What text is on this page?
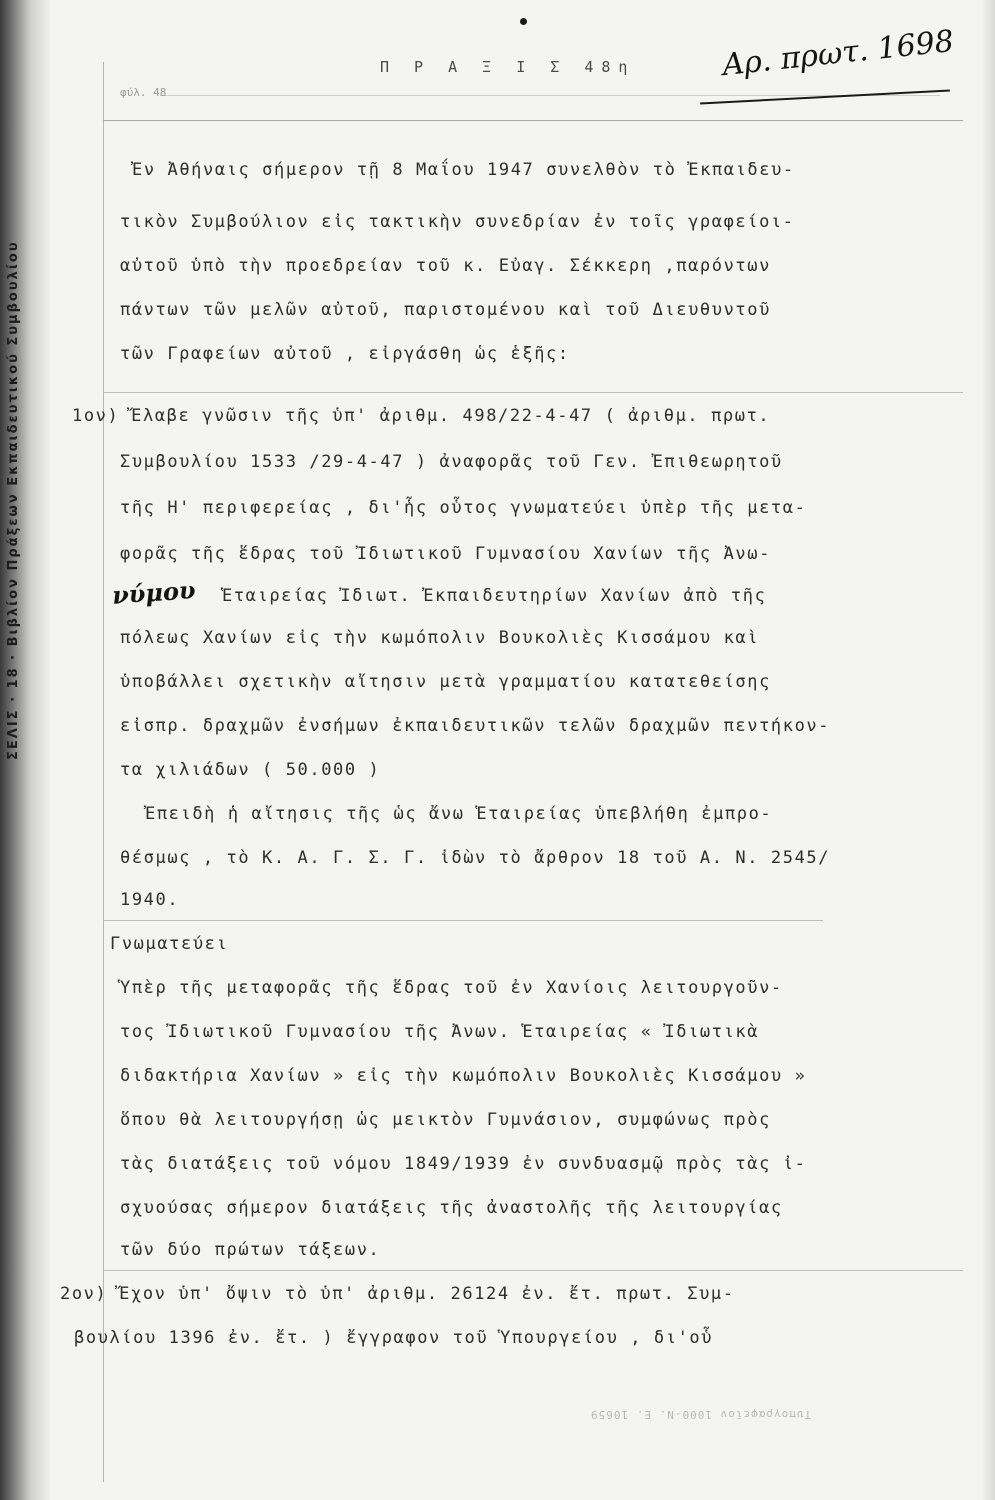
ΣΕΛΙΣ · 18 · Βιβλίον Πράξεων Εκπαιδευτικού Συμβουλίου
Π Ρ Α Ξ Ι Σ 48η	Αρ. πρωτ. 1698
φύλ. 48
Ἐν Ἀθήναις σήμερον τῇ 8 Μαΐου 1947 συνελθὸν τὸ Ἐκπαιδευ-
τικὸν Συμβούλιον εἰς τακτικὴν συνεδρίαν ἐν τοῖς γραφείοι-
αὐτοῦ ὑπὸ τὴν προεδρείαν τοῦ κ. Εὐαγ. Σέκκερη ,παρόντων
πάντων τῶν μελῶν αὐτοῦ, παριστομένου καὶ τοῦ Διευθυντοῦ
τῶν Γραφείων αὐτοῦ , εἰργάσθη ὡς ἑξῆς:
1ον) Ἔλαβε γνῶσιν τῆς ὑπ' ἀριθμ. 498/22-4-47 ( ἀριθμ. πρωτ.
Συμβουλίου 1533 /29-4-47 ) ἀναφορᾶς τοῦ Γεν. Ἐπιθεωρητοῦ
τῆς Η' περιφερείας , δι'ἧς οὗτος γνωματεύει ὑπὲρ τῆς μετα-
φορᾶς τῆς ἕδρας τοῦ Ἰδιωτικοῦ Γυμνασίου Χανίων τῆς Ἀνω-
Ἑταιρείας Ἰδιωτ. Ἐκπαιδευτηρίων Χανίων ἀπὸ τῆς
πόλεως Χανίων εἰς τὴν κωμόπολιν Βουκολιὲς Κισσάμου καὶ
ὑποβάλλει σχετικὴν αἴτησιν μετὰ γραμματίου κατατεθείσης
εἰσπρ. δραχμῶν ἐνσήμων ἐκπαιδευτικῶν τελῶν δραχμῶν πεντήκον-
τα χιλιάδων ( 50.000 )
Ἐπειδὴ ἡ αἴτησις τῆς ὡς ἄνω Ἑταιρείας ὑπεβλήθη ἐμπρο-
θέσμως , τὸ Κ. Α. Γ. Σ. Γ. ἰδὼν τὸ ἄρθρον 18 τοῦ Α. Ν. 2545/
1940.
Γνωματεύει
Ὑπὲρ τῆς μεταφορᾶς τῆς ἕδρας τοῦ ἐν Χανίοις λειτουργοῦν-
τος Ἰδιωτικοῦ Γυμνασίου τῆς Ἀνων. Ἑταιρείας « Ἰδιωτικὰ
διδακτήρια Χανίων » εἰς τὴν κωμόπολιν Βουκολιὲς Κισσάμου »
ὅπου θὰ λειτουργήσῃ ὡς μεικτὸν Γυμνάσιον, συμφώνως πρὸς
τὰς διατάξεις τοῦ νόμου 1849/1939 ἐν συνδυασμῷ πρὸς τὰς ἰ-
σχυούσας σήμερον διατάξεις τῆς ἀναστολῆς τῆς λειτουργίας
τῶν δύο πρώτων τάξεων.
2ον) Ἔχον ὑπ' ὄψιν τὸ ὑπ' ἀριθμ. 26124 ἐν. ἔτ. πρωτ. Συμ-
βουλίου 1396 ἐν. ἔτ. ) ἔγγραφον τοῦ Ὑπουργείου , δι'οὗ
νύμου
Τυπογραφεῖον 1000-Ν. Ε. 10659
